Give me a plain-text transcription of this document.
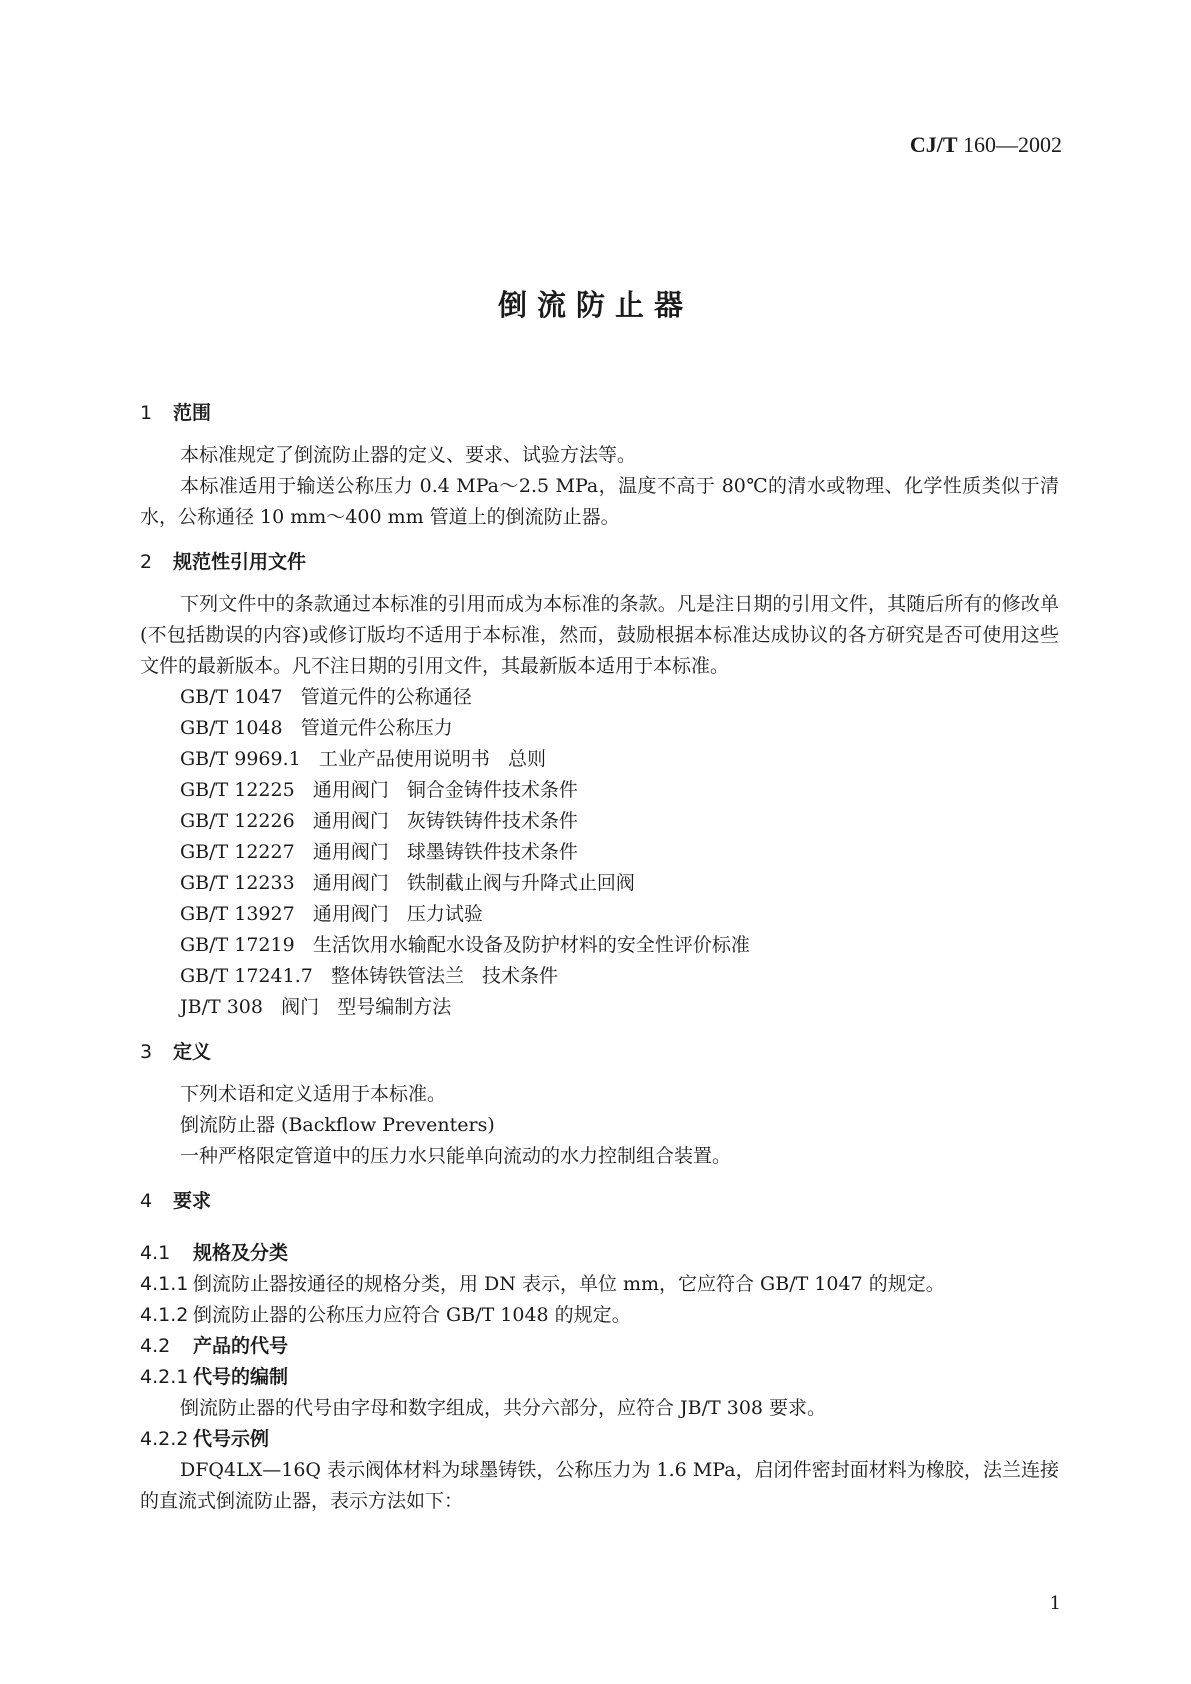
CJ/T 160—2002
倒流防止器
1 范围

本标准规定了倒流防止器的定义、要求、试验方法等。

本标准适用于输送公称压力 0.4 MPa～2.5 MPa，温度不高于 80℃的清水或物理、化学性质类似于清水，公称通径 10 mm～400 mm 管道上的倒流防止器。

2 规范性引用文件

下列文件中的条款通过本标准的引用而成为本标准的条款。凡是注日期的引用文件，其随后所有的修改单(不包括勘误的内容)或修订版均不适用于本标准，然而，鼓励根据本标准达成协议的各方研究是否可使用这些文件的最新版本。凡不注日期的引用文件，其最新版本适用于本标准。

GB/T 1047   管道元件的公称通径

GB/T 1048   管道元件公称压力

GB/T 9969.1   工业产品使用说明书   总则

GB/T 12225   通用阀门   铜合金铸件技术条件

GB/T 12226   通用阀门   灰铸铁铸件技术条件

GB/T 12227   通用阀门   球墨铸铁件技术条件

GB/T 12233   通用阀门   铁制截止阀与升降式止回阀

GB/T 13927   通用阀门   压力试验

GB/T 17219   生活饮用水输配水设备及防护材料的安全性评价标准

GB/T 17241.7   整体铸铁管法兰   技术条件

JB/T 308   阀门   型号编制方法

3 定义

下列术语和定义适用于本标准。

倒流防止器 (Backflow Preventers)

一种严格限定管道中的压力水只能单向流动的水力控制组合装置。

4 要求
4.1 规格及分类
4.1.1 倒流防止器按通径的规格分类，用 DN 表示，单位 mm，它应符合 GB/T 1047 的规定。
4.1.2 倒流防止器的公称压力应符合 GB/T 1048 的规定。
4.2 产品的代号
4.2.1 代号的编制

倒流防止器的代号由字母和数字组成，共分六部分，应符合 JB/T 308 要求。

4.2.2 代号示例

DFQ4LX—16Q 表示阀体材料为球墨铸铁，公称压力为 1.6 MPa，启闭件密封面材料为橡胶，法兰连接的直流式倒流防止器，表示方法如下：

1
